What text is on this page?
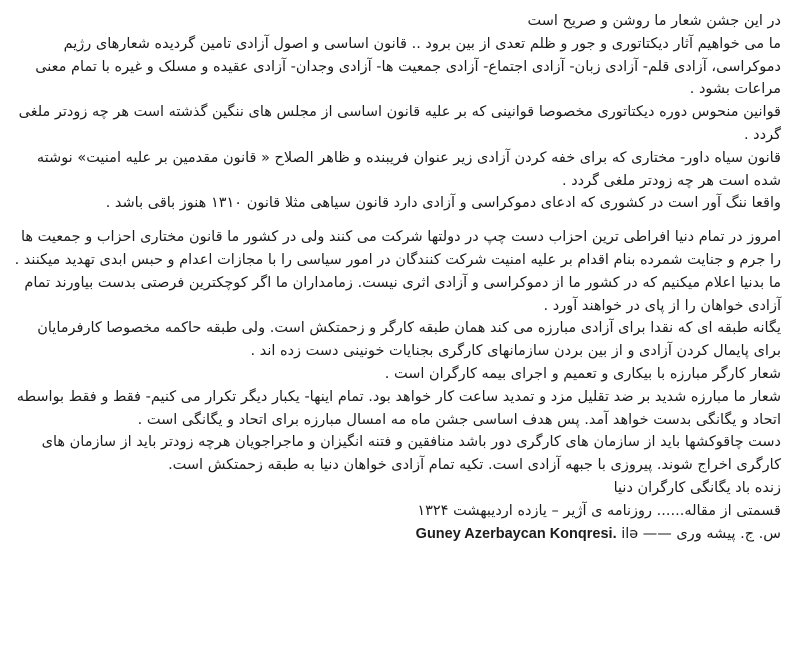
در این جشن شعار ما روشن و صریح است

ما می خواهیم آثار دیکتاتوری و جور و ظلم تعدی از بین برود .. قانون اساسی و اصول آزادی تامین گردیده شعارهای رژیم دموکراسی، آزادی قلم- آزادی زبان- آزادی اجتماع- آزادی جمعیت ها- آزادی وجدان- آزادی عقیده و مسلک و غیره با تمام معنی مراعات بشود .

قوانین منحوس دوره دیکتاتوری مخصوصا قوانینی که بر علیه قانون اساسی از مجلس های ننگین گذشته است هر چه زودتر ملغی گردد .

قانون سیاه داور- مختاری که برای خفه کردن آزادی زیر عنوان فریبنده و ظاهر الصلاح « قانون مقدمین بر علیه امنیت» نوشته شده است هر چه زودتر ملغی گردد .

واقعا ننگ آور است در کشوری که ادعای دموکراسی و آزادی دارد قانون سیاهی مثلا قانون ۱۳۱۰ هنوز باقی باشد .

امروز در تمام دنیا افراطی ترین احزاب دست چپ در دولتها شرکت می کنند ولی در کشور ما قانون مختاری احزاب و جمعیت ها را جرم و جنایت شمرده بنام اقدام بر علیه امنیت شرکت کنندگان در امور سیاسی را با مجازات اعدام و حبس ابدی تهدید میکنند .

ما بدنیا اعلام میکنیم که در کشور ما از دموکراسی و آزادی اثری نیست. زمامداران ما اگر کوچکترین فرصتی بدست بیاورند تمام آزادی خواهان را از پای در خواهند آورد .

یگانه طبقه ای که نقدا برای آزادی مبارزه می کند همان طبقه کارگر و زحمتکش است. ولی طبقه حاکمه مخصوصا کارفرمایان برای پایمال کردن آزادی و از بین بردن سازمانهای کارگری بجنایات خونینی دست زده اند .

شعار کارگر مبارزه با بیکاری و تعمیم و اجرای بیمه کارگران است .

شعار ما مبارزه شدید بر ضد تقلیل مزد و تمدید ساعت کار خواهد بود. تمام اینها- یکبار دیگر تکرار می کنیم- فقط و فقط بواسطه اتحاد و یگانگی بدست خواهد آمد. پس هدف اساسی جشن ماه مه امسال مبارزه برای اتحاد و یگانگی است .

دست چاقوکشها باید از سازمان های کارگری دور باشد منافقین و فتنه انگیزان و ماجراجویان هرچه زودتر باید از سازمان های کارگری اخراج شوند. پیروزی با جبهه آزادی است. تکیه تمام آزادی خواهان دنیا به طبقه زحمتکش است.

زنده باد یگانگی کارگران دنیا

قسمتی از مقاله...... روزنامه ی آژیر – یازده اردیبهشت ۱۳۲۴

س. ج. پیشه وری —— ilə Guney Azerbaycan Konqresi.
